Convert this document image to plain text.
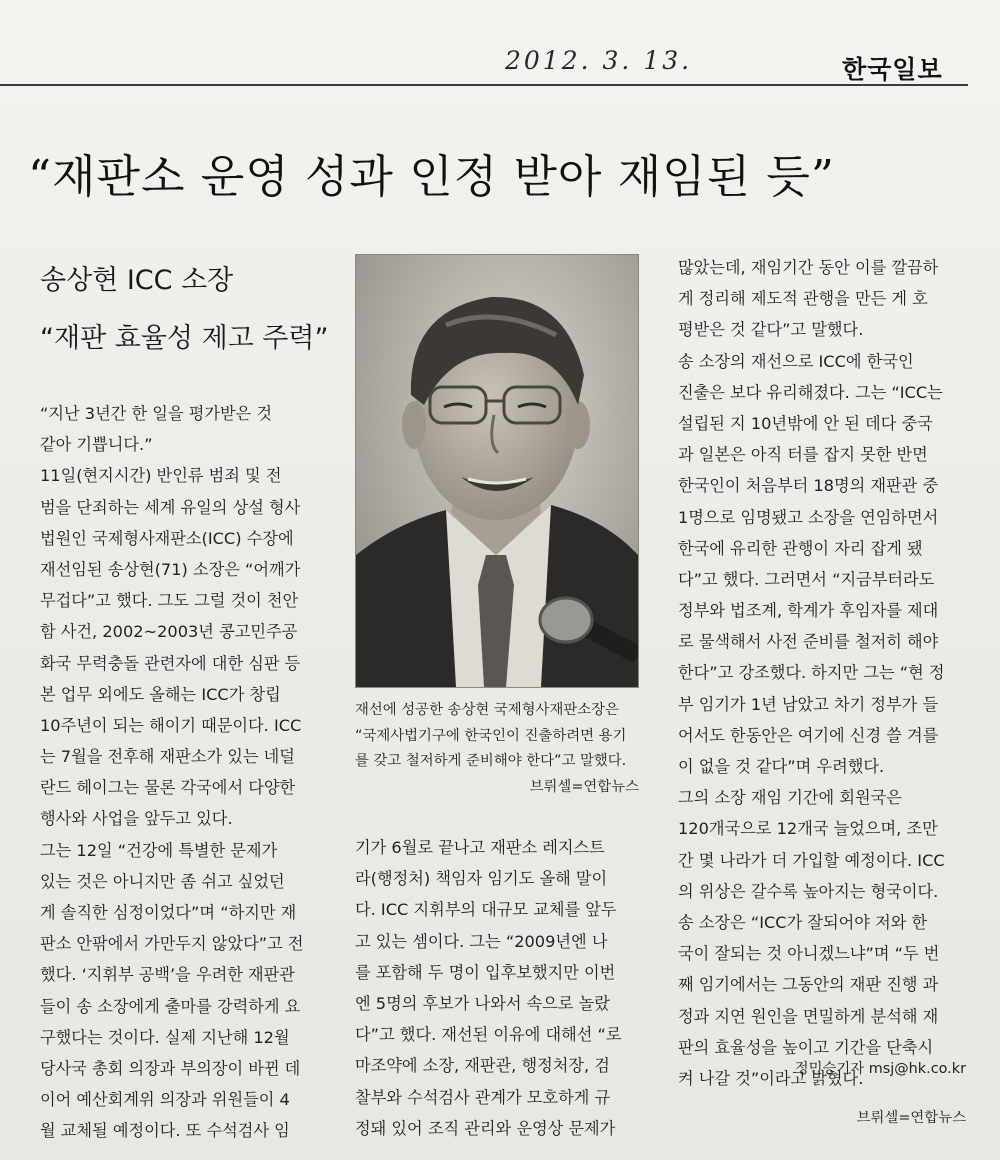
2012. 3. 13.	한국일보
“재판소 운영 성과 인정 받아 재임된 듯”
송상현 ICC 소장
“재판 효율성 제고 주력”
“지난 3년간 한 일을 평가받은 것
같아 기쁩니다.”
11일(현지시간) 반인류 범죄 및 전
범을 단죄하는 세계 유일의 상설 형사
법원인 국제형사재판소(ICC) 수장에
재선임된 송상현(71) 소장은 “어깨가
무겁다”고 했다. 그도 그럴 것이 천안
함 사건, 2002~2003년 콩고민주공
화국 무력충돌 관련자에 대한 심판 등
본 업무 외에도 올해는 ICC가 창립
10주년이 되는 해이기 때문이다. ICC
는 7월을 전후해 재판소가 있는 네덜
란드 헤이그는 물론 각국에서 다양한
행사와 사업을 앞두고 있다.
그는 12일 “건강에 특별한 문제가
있는 것은 아니지만 좀 쉬고 싶었던
게 솔직한 심정이었다”며 “하지만 재
판소 안팎에서 가만두지 않았다”고 전
했다. ‘지휘부 공백’을 우려한 재판관
들이 송 소장에게 출마를 강력하게 요
구했다는 것이다. 실제 지난해 12월
당사국 총회 의장과 부의장이 바뀐 데
이어 예산회계위 의장과 위원들이 4
월 교체될 예정이다. 또 수석검사 임
재선에 성공한 송상현 국제형사재판소장은
“국제사법기구에 한국인이 진출하려면 용기
를 갖고 철저하게 준비해야 한다”고 말했다.
브뤼셀=연합뉴스
기가 6월로 끝나고 재판소 레지스트
라(행정처) 책임자 임기도 올해 말이
다. ICC 지휘부의 대규모 교체를 앞두
고 있는 셈이다. 그는 “2009년엔 나
를 포함해 두 명이 입후보했지만 이번
엔 5명의 후보가 나와서 속으로 놀랐
다”고 했다. 재선된 이유에 대해선 “로
마조약에 소장, 재판관, 행정처장, 검
찰부와 수석검사 관계가 모호하게 규
정돼 있어 조직 관리와 운영상 문제가
많았는데, 재임기간 동안 이를 깔끔하
게 정리해 제도적 관행을 만든 게 호
평받은 것 같다”고 말했다.
송 소장의 재선으로 ICC에 한국인
진출은 보다 유리해졌다. 그는 “ICC는
설립된 지 10년밖에 안 된 데다 중국
과 일본은 아직 터를 잡지 못한 반면
한국인이 처음부터 18명의 재판관 중
1명으로 임명됐고 소장을 연임하면서
한국에 유리한 관행이 자리 잡게 됐
다”고 했다. 그러면서 “지금부터라도
정부와 법조계, 학계가 후임자를 제대
로 물색해서 사전 준비를 철저히 해야
한다”고 강조했다. 하지만 그는 “현 정
부 임기가 1년 남았고 차기 정부가 들
어서도 한동안은 여기에 신경 쓸 겨를
이 없을 것 같다”며 우려했다.
그의 소장 재임 기간에 회원국은
120개국으로 12개국 늘었으며, 조만
간 몇 나라가 더 가입할 예정이다. ICC
의 위상은 갈수록 높아지는 형국이다.
송 소장은 “ICC가 잘되어야 저와 한
국이 잘되는 것 아니겠느냐”며 “두 번
째 임기에서는 그동안의 재판 진행 과
정과 지연 원인을 면밀하게 분석해 재
판의 효율성을 높이고 기간을 단축시
켜 나갈 것”이라고 밝혔다.
정민승기자 msj@hk.co.kr
브뤼셀=연합뉴스
